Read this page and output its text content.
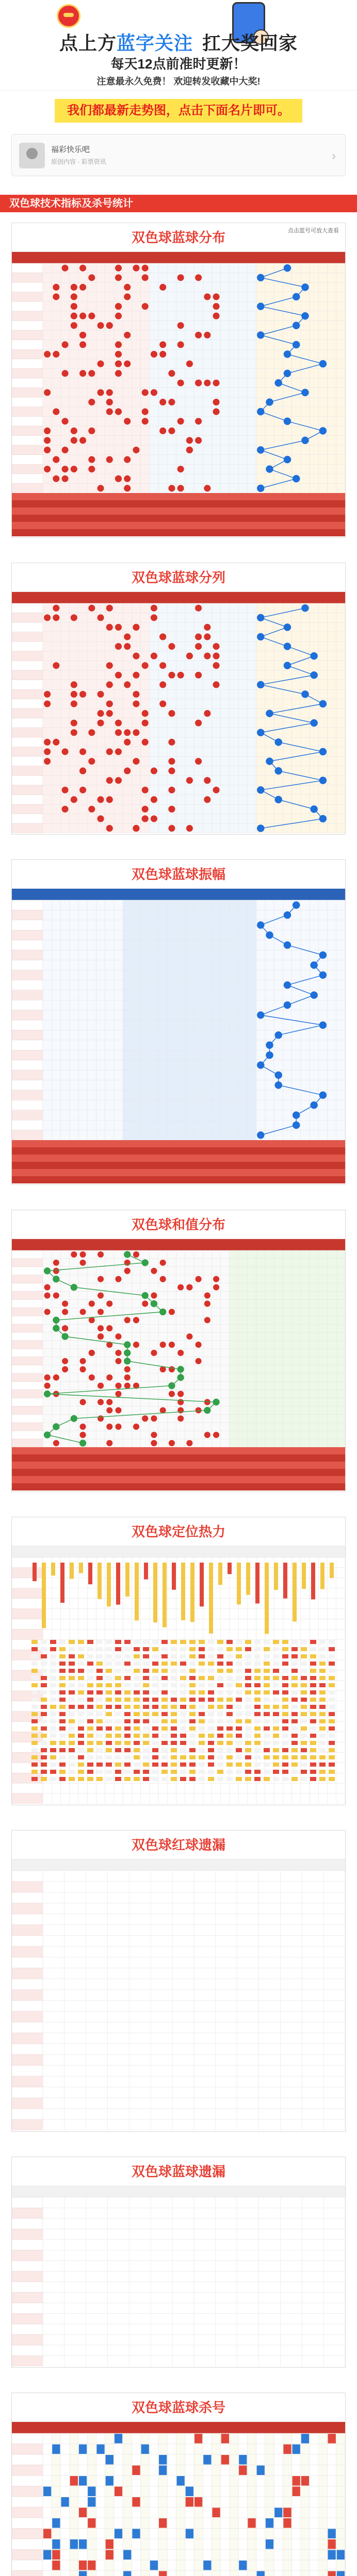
点上方蓝字关注 扛大奖回家
每天12点前准时更新！
注意最永久免费！ 欢迎转发收藏中大奖!
我们都最新走势图，点击下面名片即可。
福彩快乐吧
原创内容 · 彩票资讯	›
双色球技术指标及杀号统计
双色球蓝球分布	点击蓝号可放大查看
双色球蓝球分列
双色球蓝球振幅
双色球和值分布
双色球定位热力
双色球红球遗漏
双色球蓝球遗漏
双色球蓝球杀号
